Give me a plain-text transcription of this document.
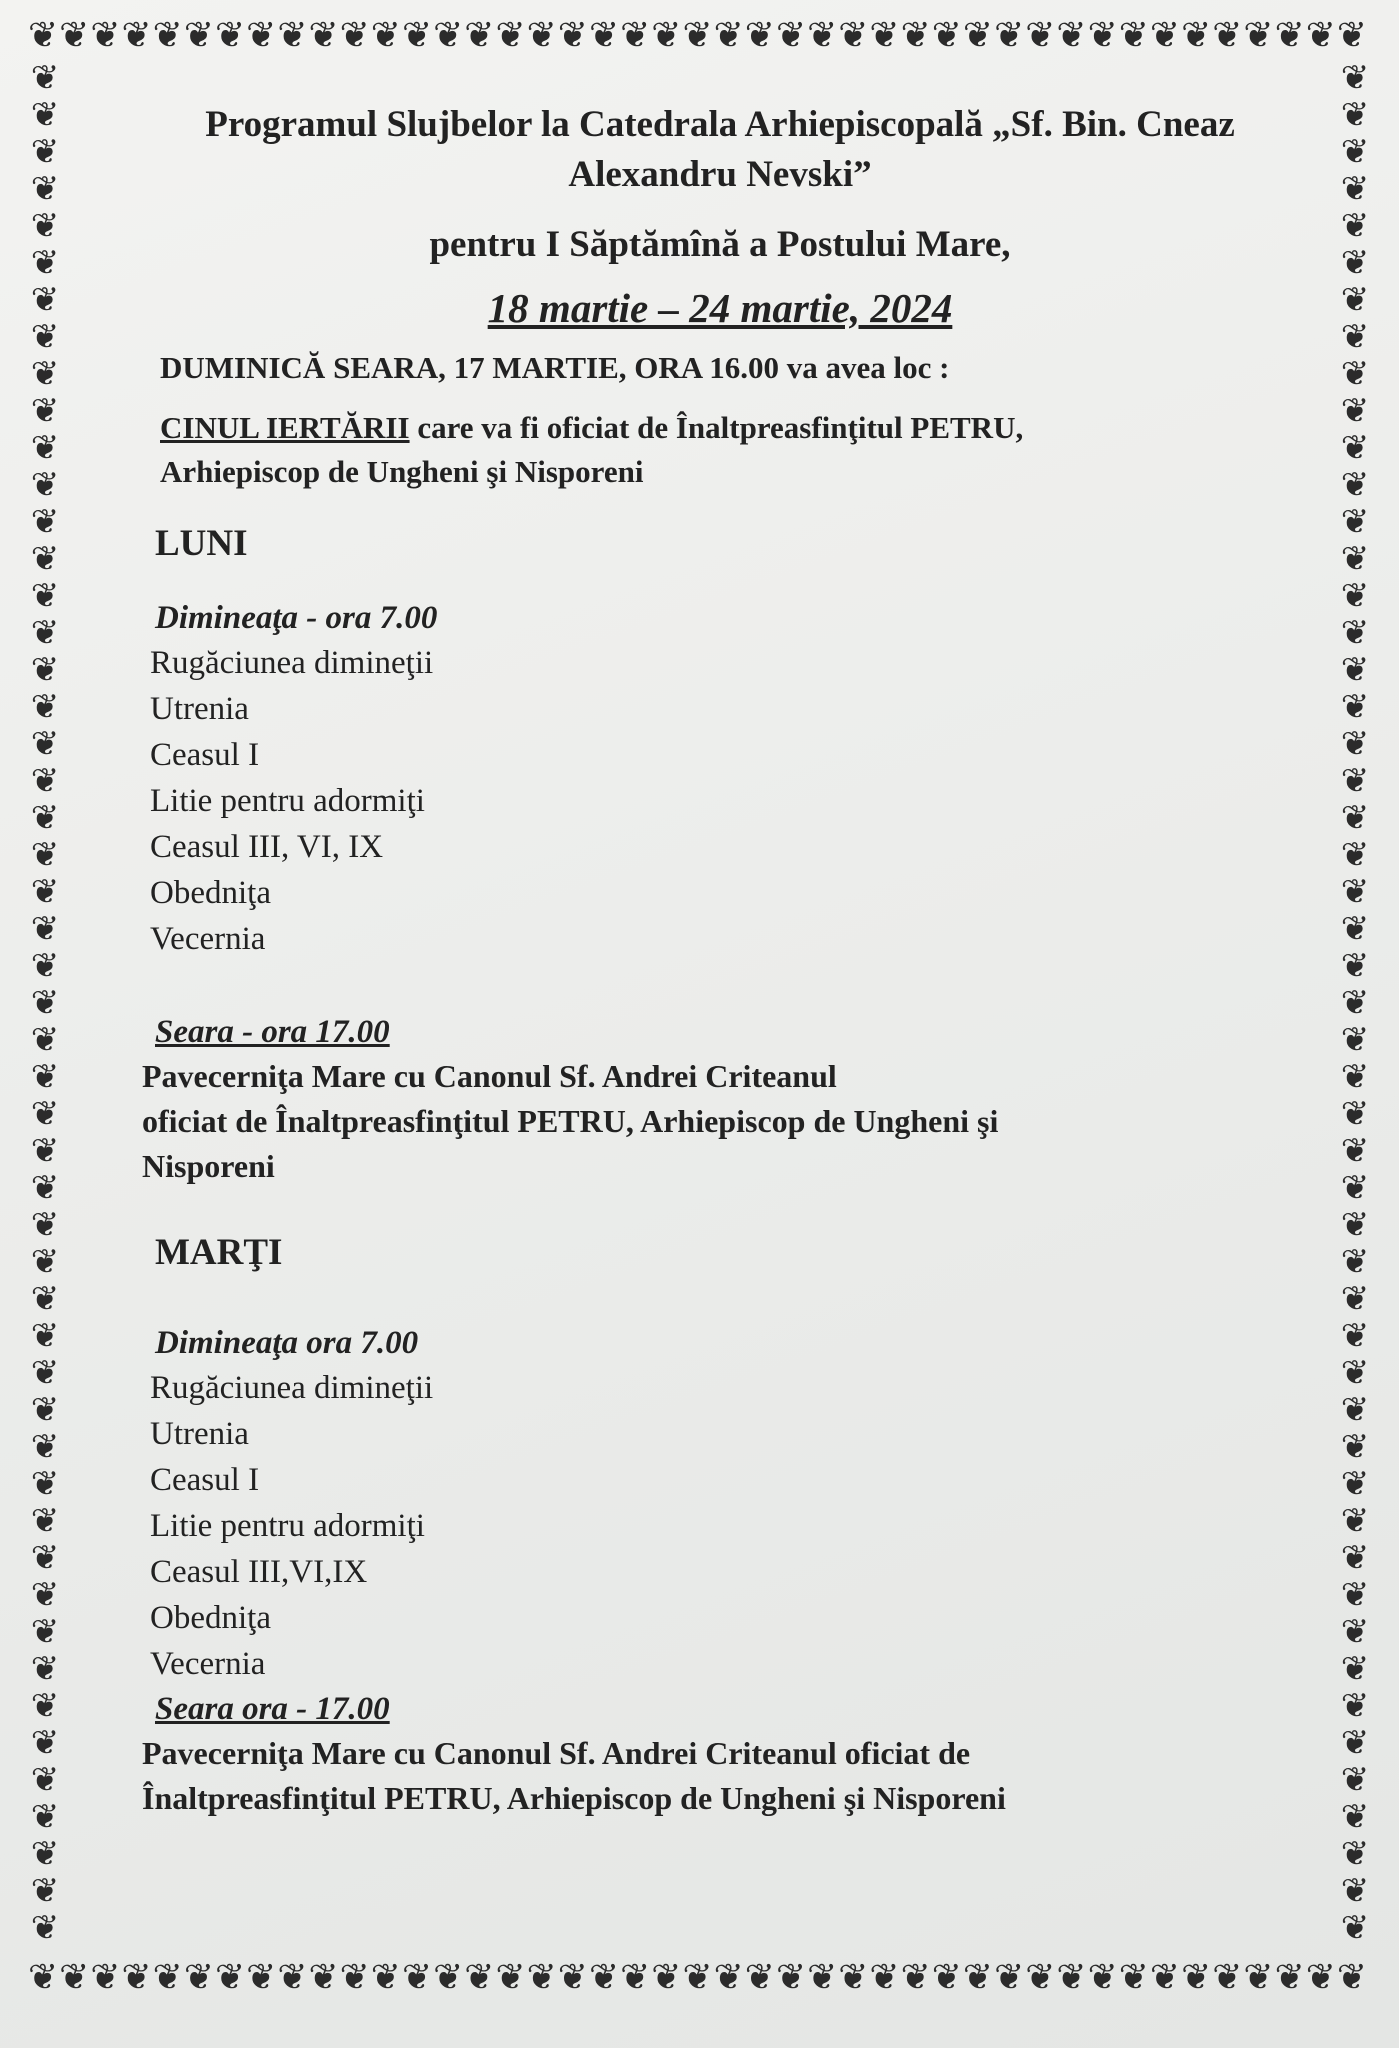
❦❦❦❦❦❦❦❦❦❦❦❦❦❦❦❦❦❦❦❦❦❦❦❦❦❦❦❦❦❦❦❦❦❦❦❦❦❦❦❦❦❦❦
❦❦❦❦❦❦❦❦❦❦❦❦❦❦❦❦❦❦❦❦❦❦❦❦❦❦❦❦❦❦❦❦❦❦❦❦❦❦❦❦❦❦❦
❦❦❦❦❦❦❦❦❦❦❦❦❦❦❦❦❦❦❦❦❦❦❦❦❦❦❦❦❦❦❦❦❦❦❦❦❦❦❦❦❦❦❦❦❦❦❦❦❦❦❦
❦❦❦❦❦❦❦❦❦❦❦❦❦❦❦❦❦❦❦❦❦❦❦❦❦❦❦❦❦❦❦❦❦❦❦❦❦❦❦❦❦❦❦❦❦❦❦❦❦❦❦
Programul Slujbelor la Catedrala Arhiepiscopală „Sf. Bin. Cneaz Alexandru Nevski”
pentru I Săptămînă a Postului Mare,
18 martie – 24 martie, 2024
DUMINICĂ SEARA, 17 MARTIE, ORA 16.00 va avea loc :
CINUL IERTĂRII care va fi oficiat de Înaltpreasfinţitul PETRU,
Arhiepiscop de Ungheni şi Nisporeni
LUNI
Dimineaţa - ora 7.00
Rugăciunea dimineţii
Utrenia
Ceasul I
Litie pentru adormiţi
Ceasul III, VI, IX
Obedniţa
Vecernia
Seara - ora 17.00
Pavecerniţa Mare cu Canonul Sf. Andrei Criteanul
oficiat de Înaltpreasfinţitul PETRU, Arhiepiscop de Ungheni şi
Nisporeni
MARŢI
Dimineaţa ora 7.00
Rugăciunea dimineţii
Utrenia
Ceasul I
Litie pentru adormiţi
Ceasul III,VI,IX
Obedniţa
Vecernia
Seara ora - 17.00
Pavecerniţa Mare cu Canonul Sf. Andrei Criteanul oficiat de
Înaltpreasfinţitul PETRU, Arhiepiscop de Ungheni şi Nisporeni
